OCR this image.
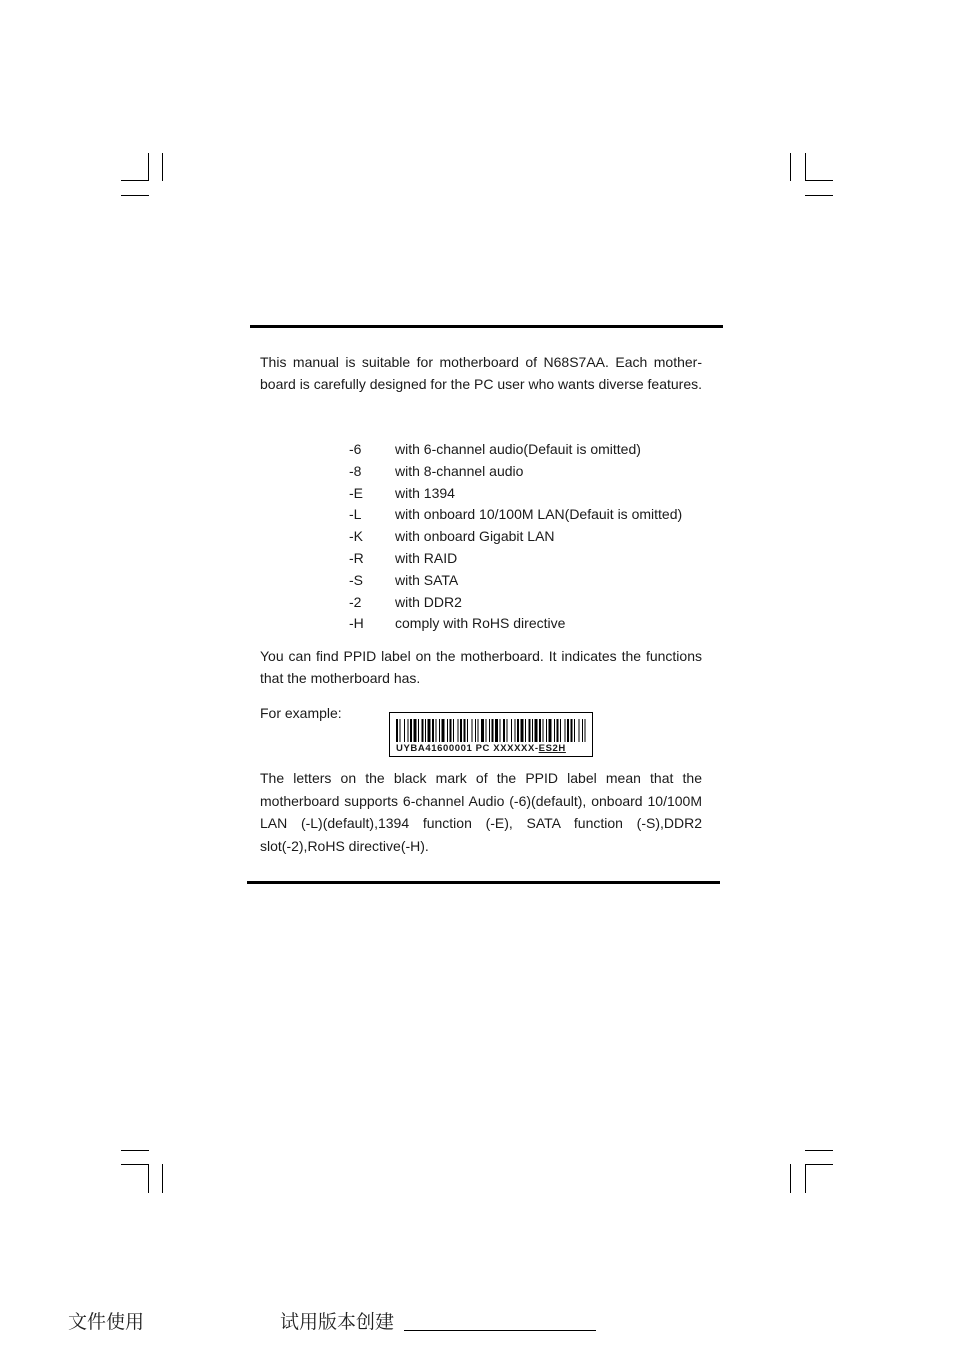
This manual is suitable for motherboard of N68S7AA. Each mother-board is carefully designed for the PC user who wants diverse features.

-6 with 6-channel audio(Defauit is omitted)
-8 with 8-channel audio
-E with 1394
-L with onboard 10/100M LAN(Defauit is omitted)
-K with onboard Gigabit LAN
-R with RAID
-S with SATA
-2 with DDR2
-H comply with RoHS directive

You can find PPID label on the motherboard. It indicates the functions that the motherboard has.

For example:

UYBA41600001 PC XXXXXX-ES2H

The letters on the black mark of the PPID label mean that the motherboard supports 6-channel Audio (-6)(default), onboard 10/100M LAN (-L)(default),1394 function (-E), SATA function (-S),DDR2 slot(-2),RoHS directive(-H).

文件使用	试用版本创建
